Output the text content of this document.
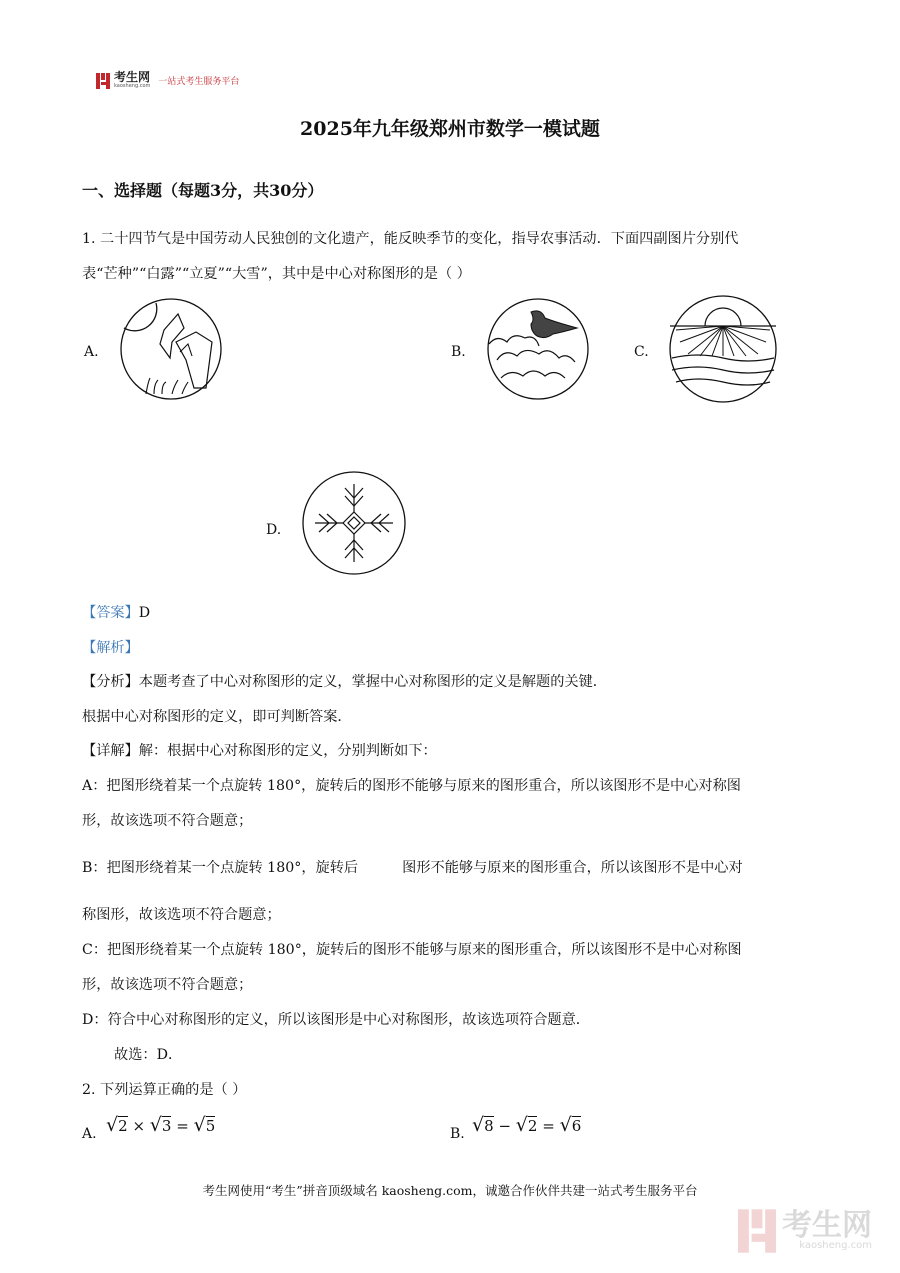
考生网
kaosheng.com 一站式考生服务平台
2025年九年级郑州市数学一模试题
一、选择题（每题3分，共30分）
1. 二十四节气是中国劳动人民独创的文化遗产，能反映季节的变化，指导农事活动．下面四副图片分别代
表“芒种”“白露”“立夏”“大雪”，其中是中心对称图形的是（ ）
A.	B.	C.
D.
【答案】D
【解析】
【分析】本题考查了中心对称图形的定义，掌握中心对称图形的定义是解题的关键．
根据中心对称图形的定义，即可判断答案．
【详解】解：根据中心对称图形的定义，分别判断如下：
A：把图形绕着某一个点旋转 180°，旋转后的图形不能够与原来的图形重合，所以该图形不是中心对称图
形，故该选项不符合题意；
B：把图形绕着某一个点旋转 180°，旋转后	图形不能够与原来的图形重合，所以该图形不是中心对
称图形，故该选项不符合题意；
C：把图形绕着某一个点旋转 180°，旋转后的图形不能够与原来的图形重合，所以该图形不是中心对称图
形，故该选项不符合题意；
D：符合中心对称图形的定义，所以该图形是中心对称图形，故该选项符合题意．
故选：D．
2. 下列运算正确的是（ ）
A. √2 × √3 = √5	B. √8 − √2 = √6
考生网使用“考生”拼音顶级域名 kaosheng.com，诚邀合作伙伴共建一站式考生服务平台
考生网
kaosheng.com
